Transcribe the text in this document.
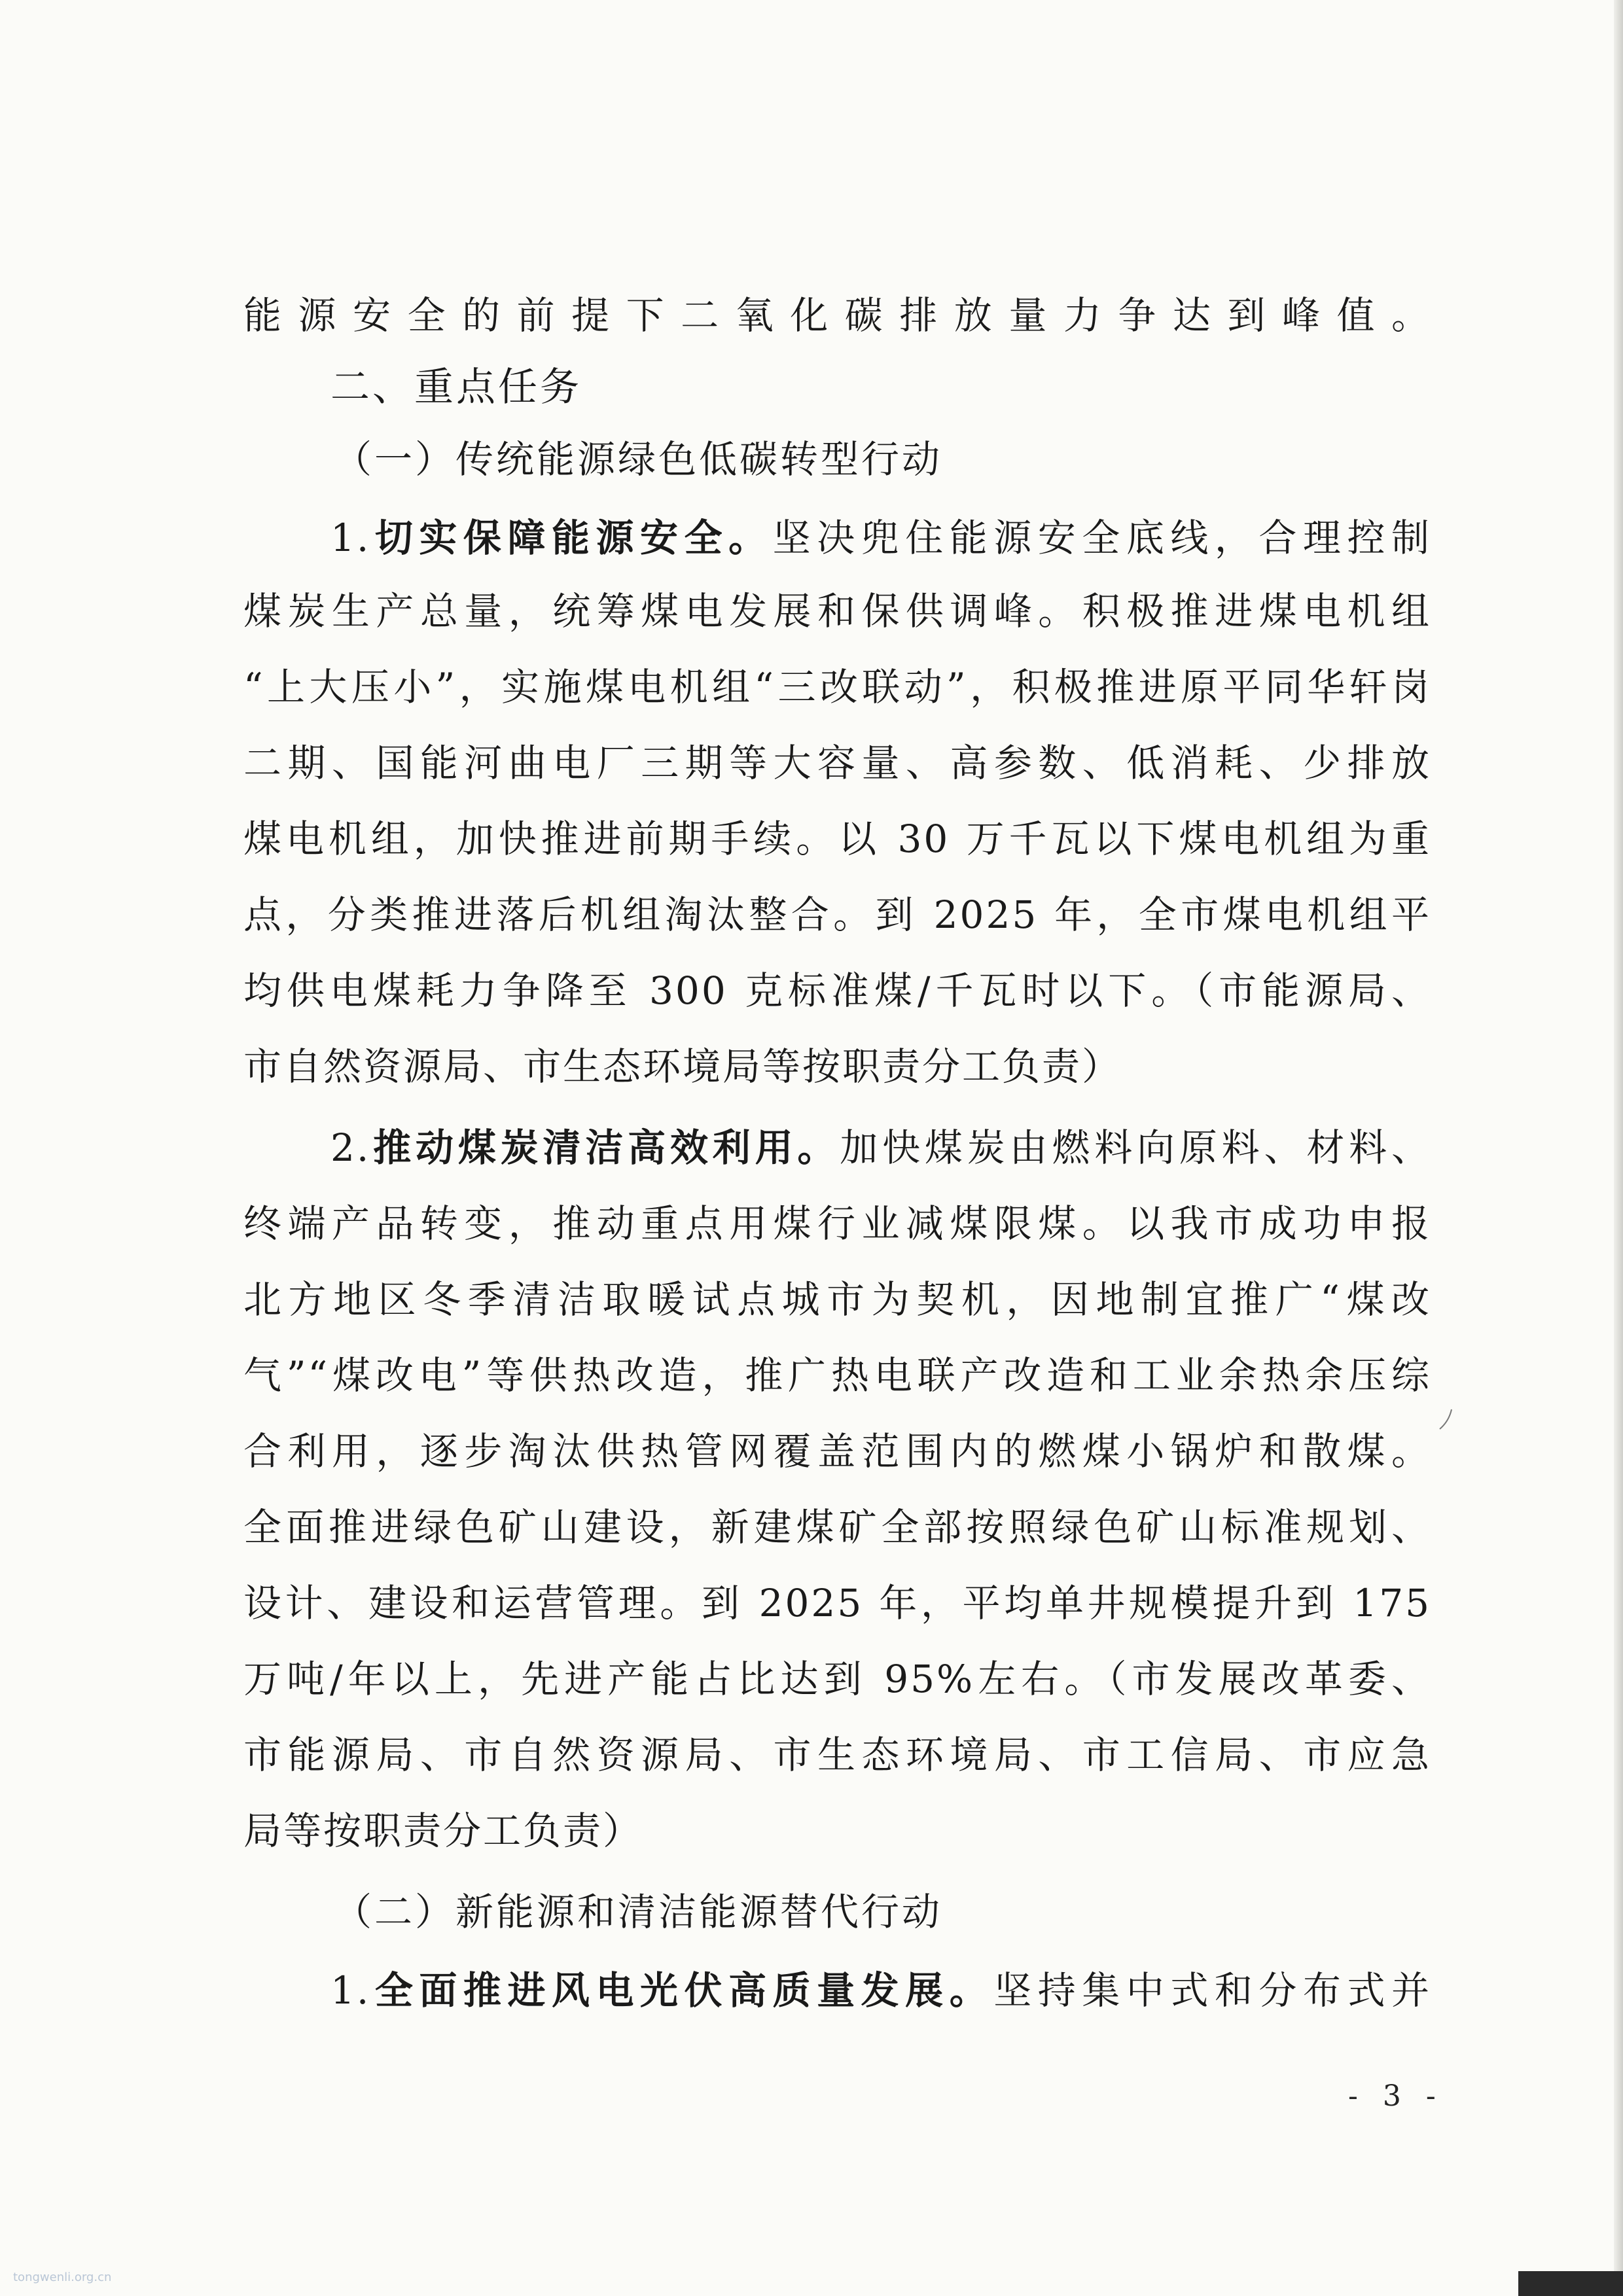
能源安全的前提下二氧化碳排放量力争达到峰值。
二、重点任务
（一）传统能源绿色低碳转型行动
1.切实保障能源安全。坚决兜住能源安全底线，合理控制
煤炭生产总量，统筹煤电发展和保供调峰。积极推进煤电机组
“上大压小”，实施煤电机组“三改联动”，积极推进原平同华轩岗
二期、国能河曲电厂三期等大容量、高参数、低消耗、少排放
煤电机组，加快推进前期手续。以 30 万千瓦以下煤电机组为重
点，分类推进落后机组淘汰整合。到 2025 年，全市煤电机组平
均供电煤耗力争降至 300 克标准煤/千瓦时以下。（市能源局、
市自然资源局、市生态环境局等按职责分工负责）
2.推动煤炭清洁高效利用。加快煤炭由燃料向原料、材料、
终端产品转变，推动重点用煤行业减煤限煤。以我市成功申报
北方地区冬季清洁取暖试点城市为契机，因地制宜推广“煤改
气”“煤改电”等供热改造，推广热电联产改造和工业余热余压综
合利用，逐步淘汰供热管网覆盖范围内的燃煤小锅炉和散煤。
全面推进绿色矿山建设，新建煤矿全部按照绿色矿山标准规划、
设计、建设和运营管理。到 2025 年，平均单井规模提升到 175
万吨/年以上，先进产能占比达到 95%左右。（市发展改革委、
市能源局、市自然资源局、市生态环境局、市工信局、市应急
局等按职责分工负责）
（二）新能源和清洁能源替代行动
1.全面推进风电光伏高质量发展。坚持集中式和分布式并
- 3 -
tongwenli.org.cn
